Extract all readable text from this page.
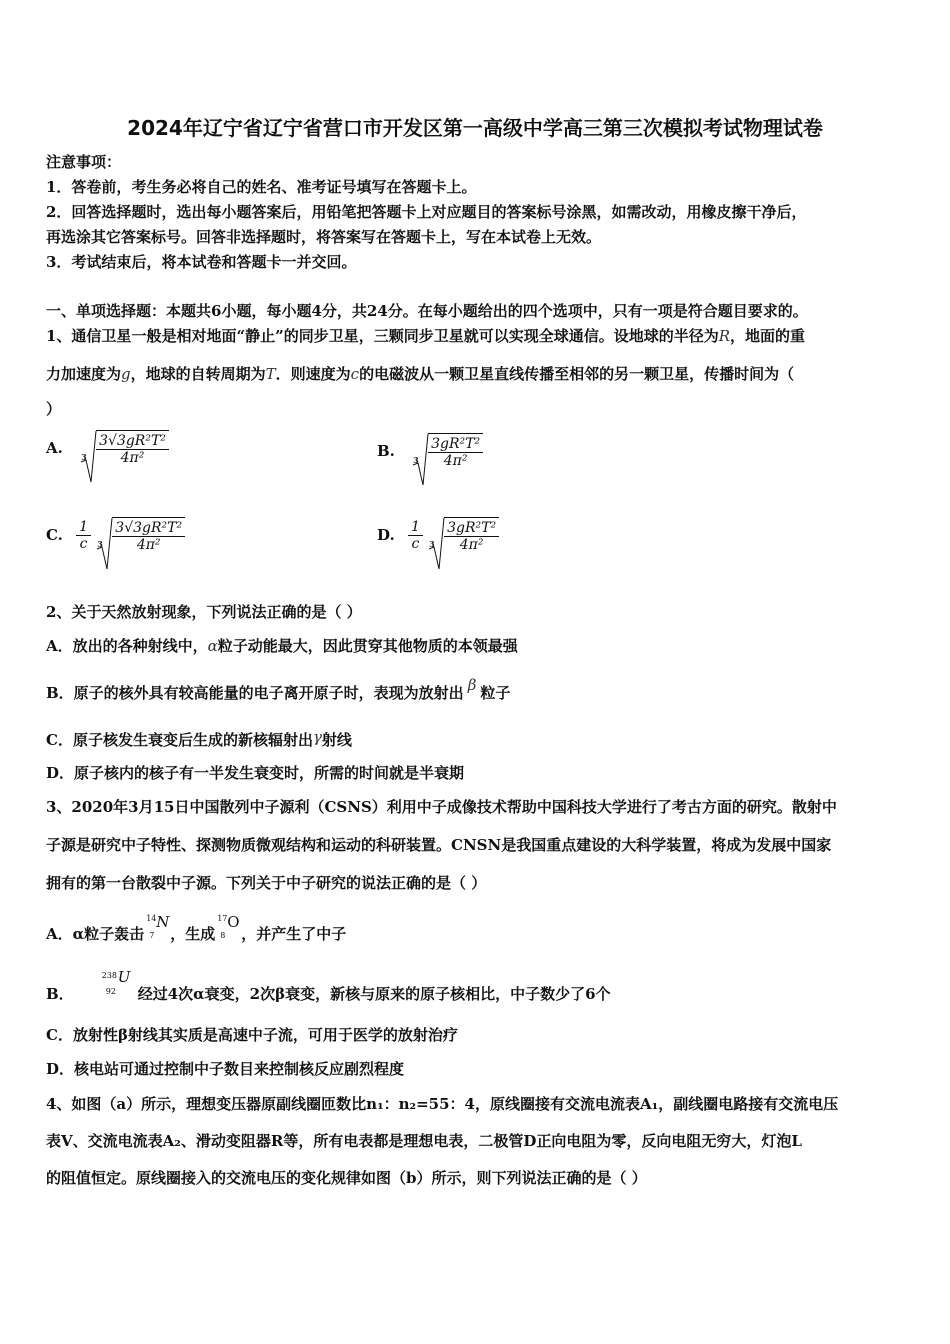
2024年辽宁省辽宁省营口市开发区第一高级中学高三第三次模拟考试物理试卷
注意事项：
1．答卷前，考生务必将自己的姓名、准考证号填写在答题卡上。
2．回答选择题时，选出每小题答案后，用铅笔把答题卡上对应题目的答案标号涂黑，如需改动，用橡皮擦干净后，
再选涂其它答案标号。回答非选择题时，将答案写在答题卡上，写在本试卷上无效。
3．考试结束后，将本试卷和答题卡一并交回。
一、单项选择题：本题共6小题，每小题4分，共24分。在每小题给出的四个选项中，只有一项是符合题目要求的。
1、通信卫星一般是相对地面“静止”的同步卫星，三颗同步卫星就可以实现全球通信。设地球的半径为R，地面的重
力加速度为g，地球的自转周期为T．则速度为c的电磁波从一颗卫星直线传播至相邻的另一颗卫星，传播时间为（
）
A. $3 \frac{\text{3√3gR²T²}}{\text{4π²}}$	B. $3 \frac{\text{3gR²T²}}{\text{4π²}}$
C. $\frac{1}{c}$
$3 \frac{\text{3√3gR²T²}}{\text{4π²}}$	D. $\frac{1}{c}$
$3 \frac{\text{3gR²T²}}{\text{4π²}}$
2、关于天然放射现象，下列说法正确的是（ ）
A．放出的各种射线中，α粒子动能最大，因此贯穿其他物质的本领最强
B．原子的核外具有较高能量的电子离开原子时，表现为放射出 β 粒子
C．原子核发生衰变后生成的新核辐射出γ射线
D．原子核内的核子有一半发生衰变时，所需的时间就是半衰期
3、2020年3月15日中国散列中子源利（CSNS）利用中子成像技术帮助中国科技大学进行了考古方面的研究。散射中
子源是研究中子特性、探测物质微观结构和运动的科研装置。CNSN是我国重点建设的大科学装置，将成为发展中国家
拥有的第一台散裂中子源。下列关于中子研究的说法正确的是（ ）
A．α粒子轰击
14
7
N
，生成
17
8
O
，并产生了中子
B．
238
92
U
经过4次α衰变，2次β衰变，新核与原来的原子核相比，中子数少了6个
C．放射性β射线其实质是高速中子流，可用于医学的放射治疗
D．核电站可通过控制中子数目来控制核反应剧烈程度
4、如图（a）所示，理想变压器原副线圈匝数比n₁：n₂=55：4，原线圈接有交流电流表A₁，副线圈电路接有交流电压
表V、交流电流表A₂、滑动变阻器R等，所有电表都是理想电表，二极管D正向电阻为零，反向电阻无穷大，灯泡L
的阻值恒定。原线圈接入的交流电压的变化规律如图（b）所示，则下列说法正确的是（ ）
